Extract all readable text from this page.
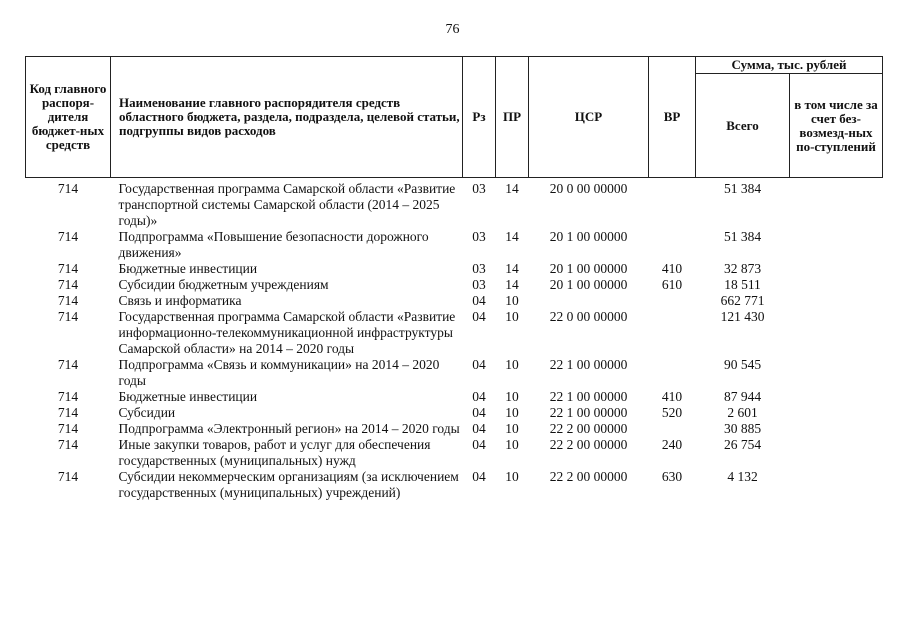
76
Код главного распоря-дителя бюджет-ных средств	Наименование главного распорядителя средств областного бюджета, раздела, подраздела, целевой статьи, подгруппы видов расходов	Рз	ПР	ЦСР	ВР	Сумма, тыс. рублей	
						Всего	в том числе за счет без-возмезд-ных по-ступлений
714	Государственная программа Самарской области «Развитие транспортной системы Самарской области (2014 – 2025 годы)»	03	14	20 0 00 00000		51 384	
714	Подпрограмма «Повышение безопасности дорожного движения»	03	14	20 1 00 00000		51 384	
714	Бюджетные инвестиции	03	14	20 1 00 00000	410	32 873	
714	Субсидии бюджетным учреждениям	03	14	20 1 00 00000	610	18 511	
714	Связь и информатика	04	10			662 771	
714	Государственная программа Самарской области «Развитие информационно-телекоммуникационной инфраструктуры Самарской области» на 2014 – 2020 годы	04	10	22 0 00 00000		121 430	
714	Подпрограмма «Связь и коммуникации» на 2014 – 2020 годы	04	10	22 1 00 00000		90 545	
714	Бюджетные инвестиции	04	10	22 1 00 00000	410	87 944	
714	Субсидии	04	10	22 1 00 00000	520	2 601	
714	Подпрограмма «Электронный регион» на 2014 – 2020 годы	04	10	22 2 00 00000		30 885	
714	Иные закупки товаров, работ и услуг для обеспечения государственных (муниципальных) нужд	04	10	22 2 00 00000	240	26 754	
714	Субсидии некоммерческим организациям (за исключением государственных (муниципальных) учреждений)	04	10	22 2 00 00000	630	4 132	
